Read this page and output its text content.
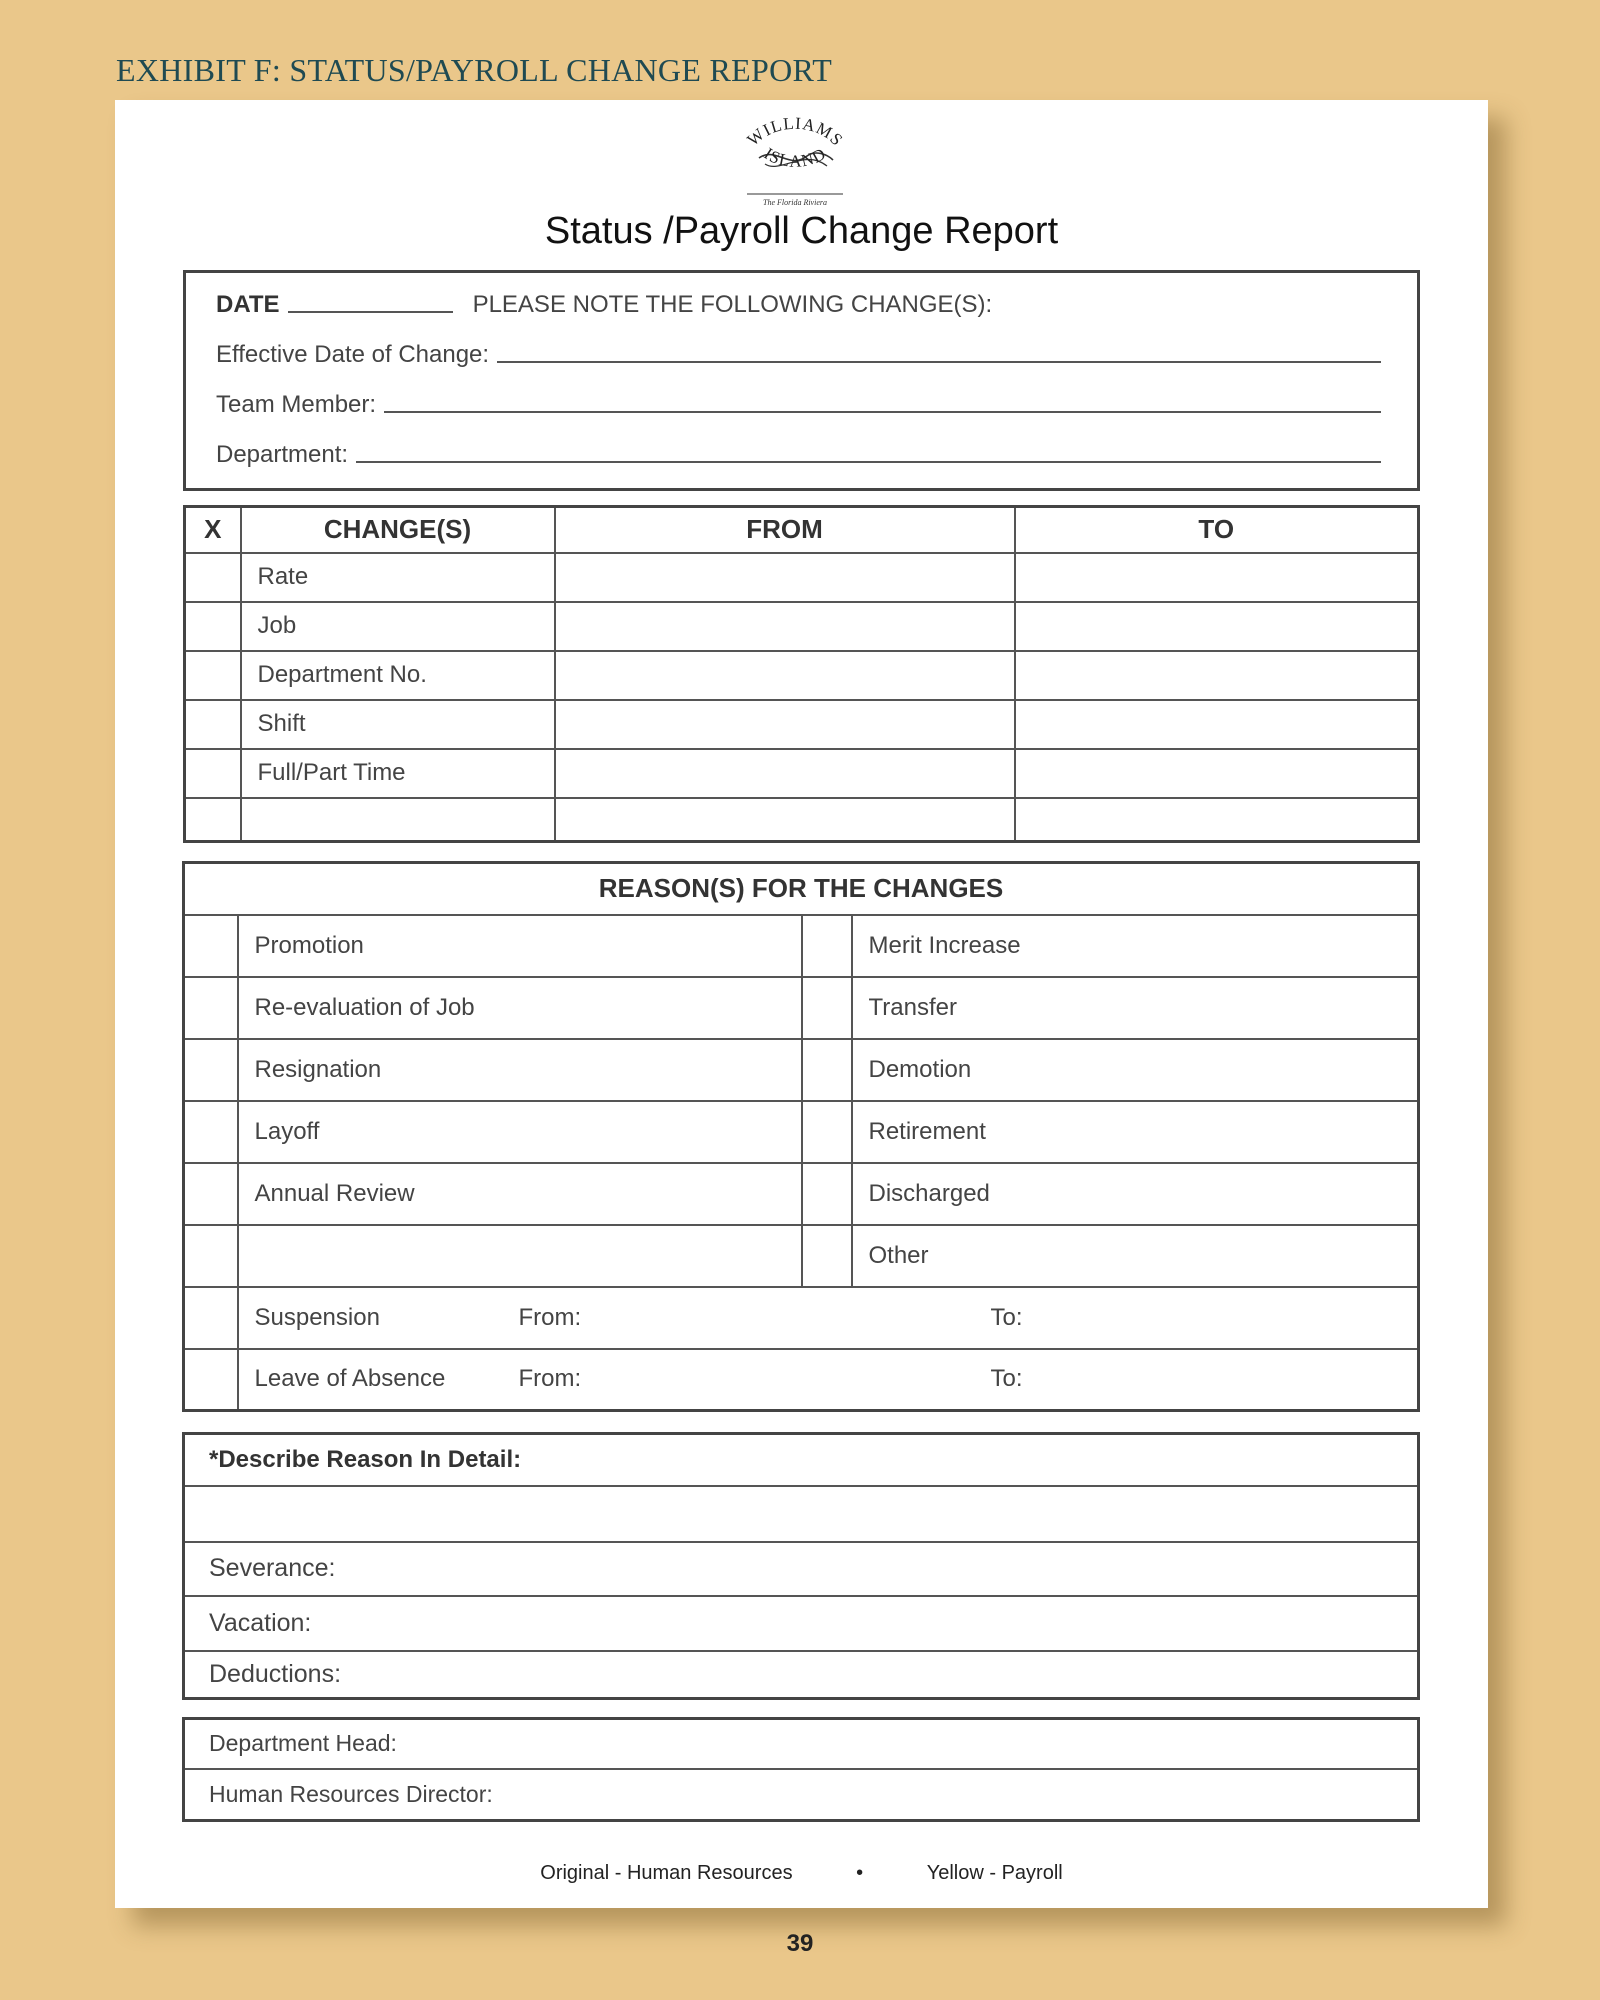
EXHIBIT F: STATUS/PAYROLL CHANGE REPORT
WILLIAMS
ISLAND
The Florida Riviera
Status /Payroll Change Report
DATE	PLEASE NOTE THE FOLLOWING CHANGE(S):
Effective Date of Change:
Team Member:
Department:
X	CHANGE(S)	FROM	TO
	Rate		
	Job		
	Department No.		
	Shift		
	Full/Part Time		

REASON(S) FOR THE CHANGES			
	Promotion		Merit Increase
	Re-evaluation of Job		Transfer
	Resignation		Demotion
	Layoff		Retirement
	Annual Review		Discharged
			Other
	Suspension From: To:		

	Leave of Absence From: To:		
*Describe Reason In Detail:

Severance:
Vacation:
Deductions:
Department Head:
Human Resources Director:
Original - Human Resources	•	Yellow - Payroll
39
